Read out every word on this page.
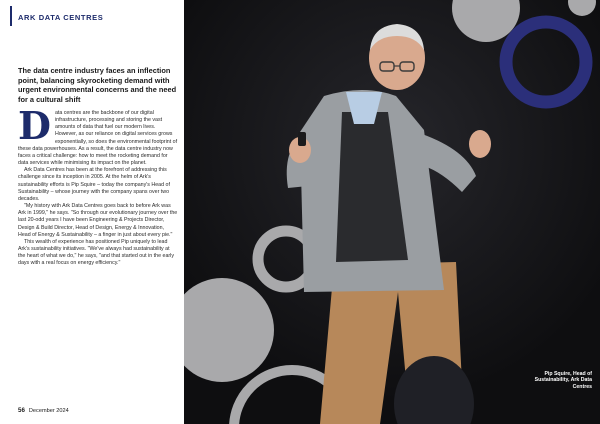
ARK DATA CENTRES
The data centre industry faces an inflection point, balancing skyrocketing demand with urgent environmental concerns and the need for a cultural shift

Data centres are the backbone of our digital infrastructure, processing and storing the vast amounts of data that fuel our modern lives. However, as our reliance on digital services grows exponentially, so does the environmental footprint of these data powerhouses. As a result, the data centre industry now faces a critical challenge: how to meet the rocketing demand for data services while minimising its impact on the planet.

Ark Data Centres has been at the forefront of addressing this challenge since its inception in 2005. At the helm of Ark's sustainability efforts is Pip Squire – today the company's Head of Sustainability – whose journey with the company spans over two decades.

"My history with Ark Data Centres goes back to before Ark was Ark in 1999," he says. "So through our evolutionary journey over the last 20-odd years I have been Engineering & Projects Director, Design & Build Director, Head of Design, Energy & Innovation, Head of Energy & Sustainability – a finger in just about every pie."

This wealth of experience has positioned Pip uniquely to lead Ark's sustainability initiatives. "We've always had sustainability at the heart of what we do," he says, "and that started out in the early days with a real focus on energy efficiency."

56 December 2024
Pip Squire, Head of Sustainability, Ark Data Centres
